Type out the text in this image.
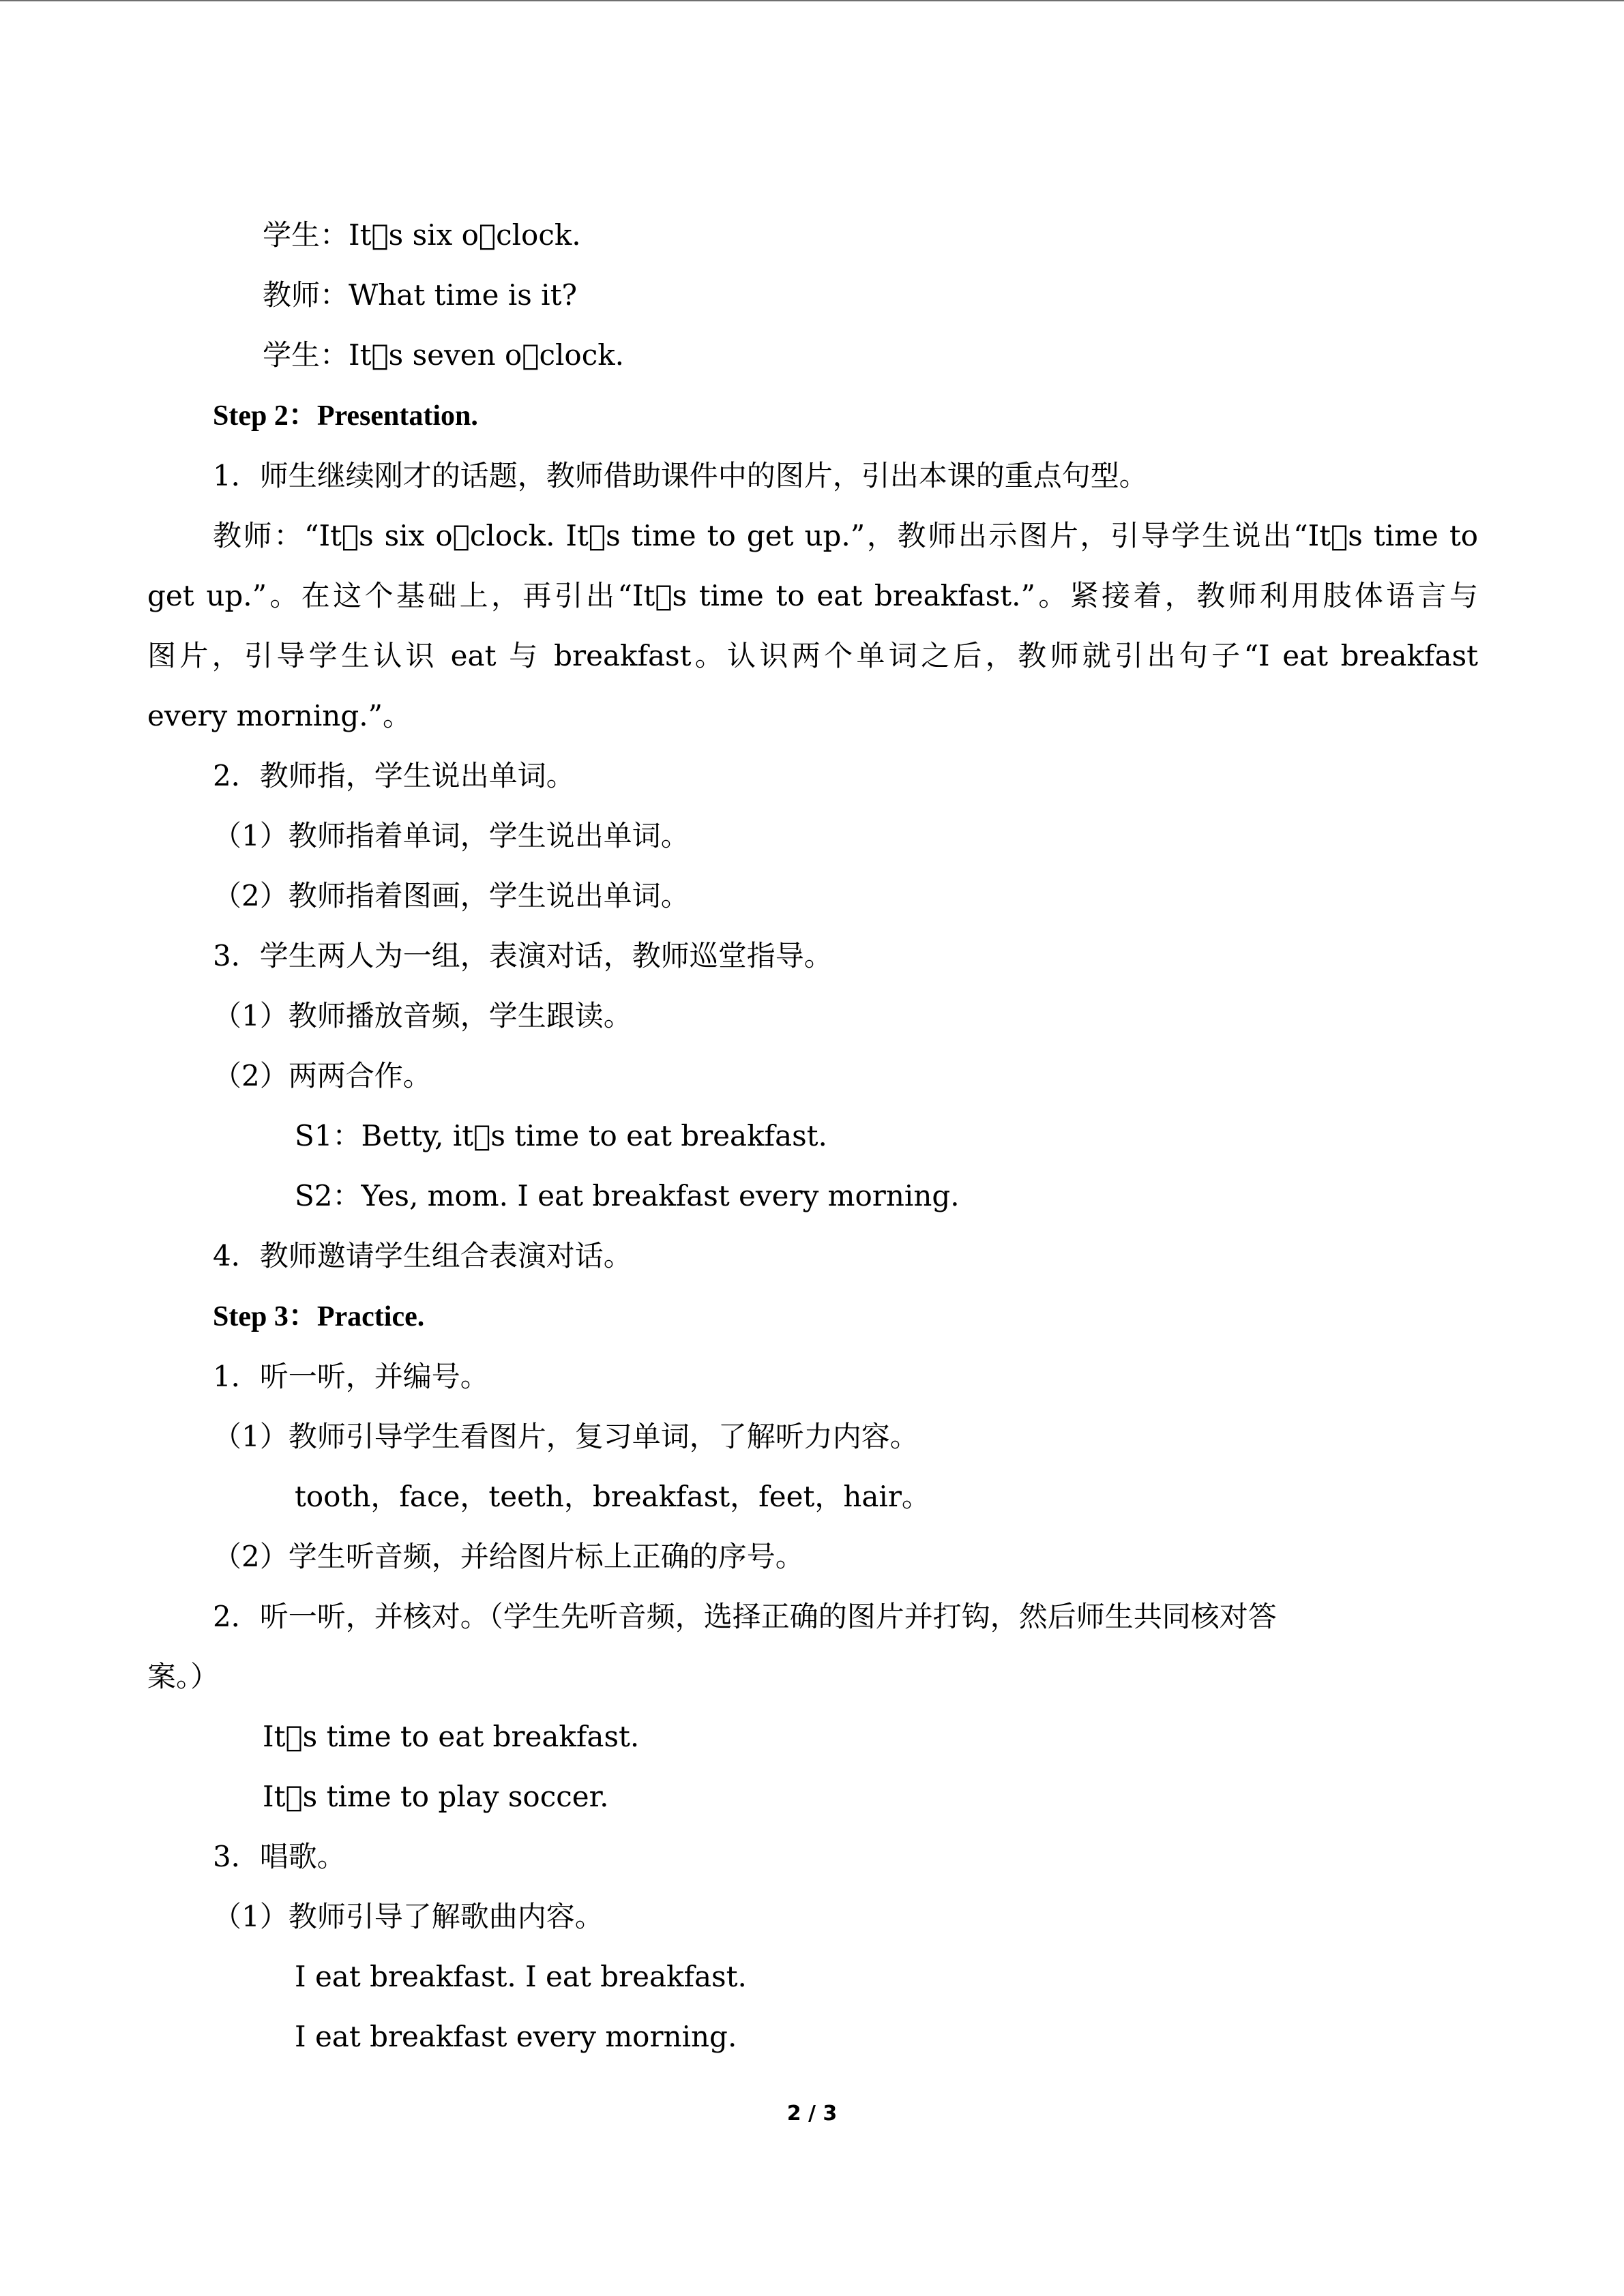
学生：It s six o clock.
教师：What time is it?
学生：It s seven o clock.
Step 2：Presentation.
1．师生继续刚才的话题，教师借助课件中的图片，引出本课的重点句型。
教师：“It s six o clock. It s time to get up.”，教师出示图片，引导学生说出“It s time to
get up.”。在这个基础上，再引出“It s time to eat breakfast.”。紧接着，教师利用肢体语言与
图片，引导学生认识 eat 与 breakfast。认识两个单词之后，教师就引出句子“I eat breakfast
every morning.”。
2．教师指，学生说出单词。
（1）教师指着单词，学生说出单词。
（2）教师指着图画，学生说出单词。
3．学生两人为一组，表演对话，教师巡堂指导。
（1）教师播放音频，学生跟读。
（2）两两合作。
S1：Betty, it s time to eat breakfast.
S2：Yes, mom. I eat breakfast every morning.
4．教师邀请学生组合表演对话。
Step 3：Practice.
1．听一听，并编号。
（1）教师引导学生看图片，复习单词，了解听力内容。
tooth，face，teeth，breakfast，feet，hair。
（2）学生听音频，并给图片标上正确的序号。
2．听一听，并核对。（学生先听音频，选择正确的图片并打钩，然后师生共同核对答
案。）
It s time to eat breakfast.
It s time to play soccer.
3．唱歌。
（1）教师引导了解歌曲内容。
I eat breakfast. I eat breakfast.
I eat breakfast every morning.
2 / 3
